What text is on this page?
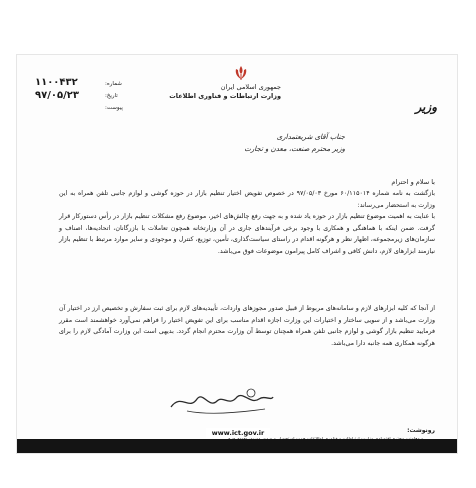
جمهوری اسلامی ایران
وزارت ارتباطات و فناوری اطلاعات
وزیر
۱۱۰۰۴۳۲
۹۷/۰۵/۲۳
شماره:
تاریخ:
پیوست:
جناب آقای شریعتمداری
وزیر محترم صنعت، معدن و تجارت
با سلام و احترام
بازگشت به نامه شماره ۶۰/۱۱۵۰۱۴ مورخ ۹۷/۰۵/۰۳ در خصوص تفویض اختیار تنظیم بازار در حوزه گوشی و لوازم جانبی تلفن همراه به این وزارت به استحضار می‌رساند:
با عنایت به اهمیت موضوع تنظیم بازار در حوزه یاد شده و به جهت رفع چالش‌های اخیر، موضوع رفع مشکلات تنظیم بازار در رأس دستورکار قرار گرفت. ضمن اینکه با هماهنگی و همکاری با وجود برخی فرآیندهای جاری در آن وزارتخانه همچون تعاملات با بازرگانان، اتحادیه‌ها، اصناف و سازمان‌های زیرمجموعه، اظهار نظر و هرگونه اقدام در راستای سیاست‌گذاری، تأمین، توزیع، کنترل و موجودی و سایر موارد مرتبط با تنظیم بازار نیازمند ابزارهای لازم، دانش کافی و اشراف کامل پیرامون موضوعات فوق می‌باشد.
از آنجا که کلیه ابزارهای لازم و سامانه‌های مربوط از قبیل صدور مجوزهای واردات، تأییدیه‌های لازم برای ثبت سفارش و تخصیص ارز در اختیار آن وزارت می‌باشد و از سویی ساختار و اختیارات این وزارت اجازه اقدام مناسب برای این تفویض اختیار را فراهم نمی‌آورد خواهشمند است مقرر فرمایید تنظیم بازار گوشی و لوازم جانبی تلفن همراه همچنان توسط آن وزارت محترم انجام گردد. بدیهی است این وزارت آمادگی لازم را برای هرگونه همکاری همه جانبه دارا می‌باشد.
رونوشت:
www.ict.gov.ir
